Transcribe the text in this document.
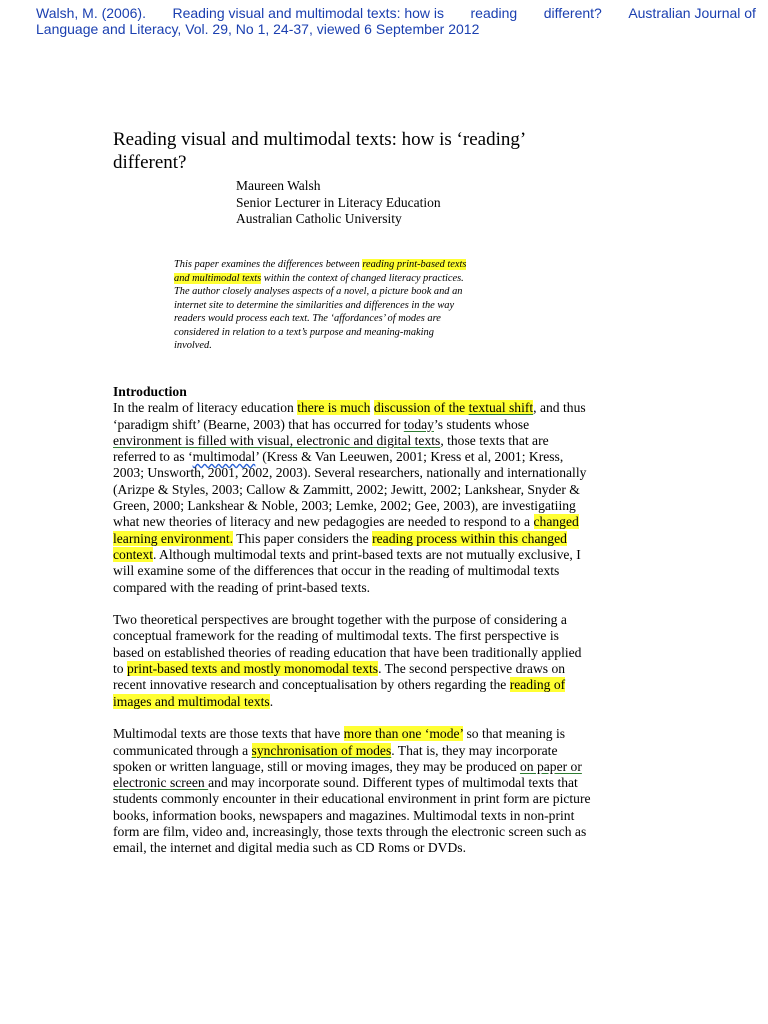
Walsh, M. (2006). Reading visual and multimodal texts: how is reading different? Australian Journal of
Language and Literacy, Vol. 29, No 1, 24-37, viewed 6 September 2012
Reading visual and multimodal texts: how is ‘reading’
different?
Maureen Walsh
Senior Lecturer in Literacy Education
Australian Catholic University
This paper examines the differences between reading print-based texts
and multimodal texts within the context of changed literacy practices.
The author closely analyses aspects of a novel, a picture book and an
internet site to determine the similarities and differences in the way
readers would process each text. The ‘affordances’ of modes are
considered in relation to a text’s purpose and meaning-making
involved.
Introduction
In the realm of literacy education there is much discussion of the textual shift, and thus
‘paradigm shift’ (Bearne, 2003) that has occurred for today’s students whose
environment is filled with visual, electronic and digital texts, those texts that are
referred to as ‘multimodal’ (Kress & Van Leeuwen, 2001; Kress et al, 2001; Kress,
2003; Unsworth, 2001, 2002, 2003). Several researchers, nationally and internationally
(Arizpe & Styles, 2003; Callow & Zammitt, 2002; Jewitt, 2002; Lankshear, Snyder &
Green, 2000; Lankshear & Noble, 2003; Lemke, 2002; Gee, 2003), are investigatiing
what new theories of literacy and new pedagogies are needed to respond to a changed
learning environment. This paper considers the reading process within this changed
context. Although multimodal texts and print-based texts are not mutually exclusive, I
will examine some of the differences that occur in the reading of multimodal texts
compared with the reading of print-based texts.
Two theoretical perspectives are brought together with the purpose of considering a
conceptual framework for the reading of multimodal texts. The first perspective is
based on established theories of reading education that have been traditionally applied
to print-based texts and mostly monomodal texts. The second perspective draws on
recent innovative research and conceptualisation by others regarding the reading of
images and multimodal texts.
Multimodal texts are those texts that have more than one ‘mode’ so that meaning is
communicated through a synchronisation of modes. That is, they may incorporate
spoken or written language, still or moving images, they may be produced on paper or
electronic screen and may incorporate sound. Different types of multimodal texts that
students commonly encounter in their educational environment in print form are picture
books, information books, newspapers and magazines. Multimodal texts in non-print
form are film, video and, increasingly, those texts through the electronic screen such as
email, the internet and digital media such as CD Roms or DVDs.
